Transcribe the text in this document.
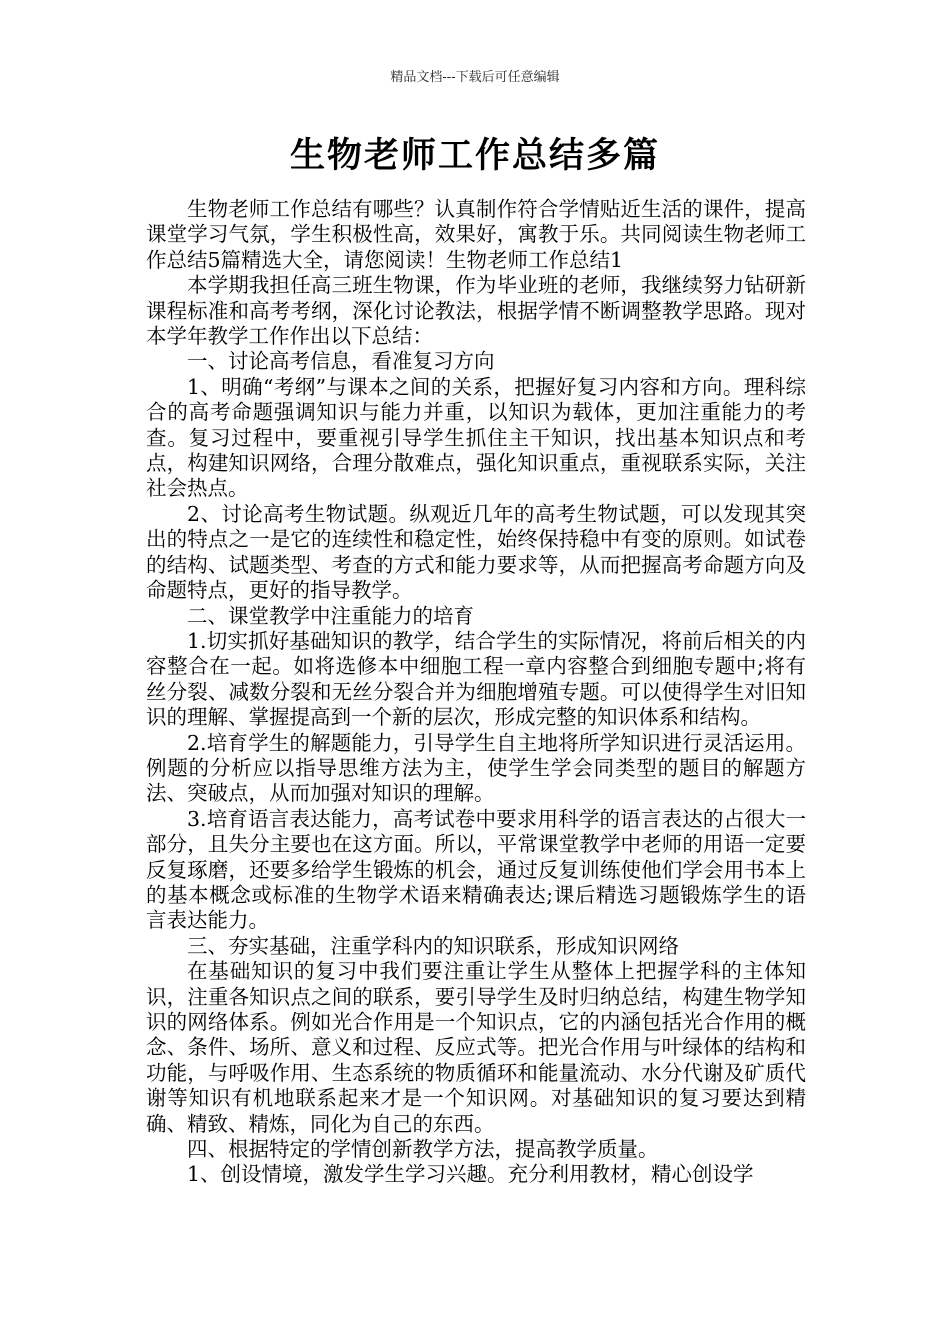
精品文档---下载后可任意编辑
生物老师工作总结多篇

生物老师工作总结有哪些？认真制作符合学情贴近生活的课件，提高课堂学习气氛，学生积极性高，效果好，寓教于乐。共同阅读生物老师工作总结5篇精选大全，请您阅读！生物老师工作总结1

本学期我担任高三班生物课，作为毕业班的老师，我继续努力钻研新课程标准和高考考纲，深化讨论教法，根据学情不断调整教学思路。现对本学年教学工作作出以下总结：

一、讨论高考信息，看准复习方向

1、明确“考纲”与课本之间的关系，把握好复习内容和方向。理科综合的高考命题强调知识与能力并重，以知识为载体，更加注重能力的考查。复习过程中，要重视引导学生抓住主干知识，找出基本知识点和考点，构建知识网络，合理分散难点，强化知识重点，重视联系实际，关注社会热点。

2、讨论高考生物试题。纵观近几年的高考生物试题，可以发现其突出的特点之一是它的连续性和稳定性，始终保持稳中有变的原则。如试卷的结构、试题类型、考查的方式和能力要求等，从而把握高考命题方向及命题特点，更好的指导教学。

二、课堂教学中注重能力的培育

1.切实抓好基础知识的教学，结合学生的实际情况，将前后相关的内容整合在一起。如将选修本中细胞工程一章内容整合到细胞专题中;将有丝分裂、减数分裂和无丝分裂合并为细胞增殖专题。可以使得学生对旧知识的理解、掌握提高到一个新的层次，形成完整的知识体系和结构。

2.培育学生的解题能力，引导学生自主地将所学知识进行灵活运用。例题的分析应以指导思维方法为主，使学生学会同类型的题目的解题方法、突破点，从而加强对知识的理解。

3.培育语言表达能力，高考试卷中要求用科学的语言表达的占很大一部分，且失分主要也在这方面。所以，平常课堂教学中老师的用语一定要反复琢磨，还要多给学生锻炼的机会，通过反复训练使他们学会用书本上的基本概念或标准的生物学术语来精确表达;课后精选习题锻炼学生的语言表达能力。

三、夯实基础，注重学科内的知识联系，形成知识网络

在基础知识的复习中我们要注重让学生从整体上把握学科的主体知识，注重各知识点之间的联系，要引导学生及时归纳总结，构建生物学知识的网络体系。例如光合作用是一个知识点，它的内涵包括光合作用的概念、条件、场所、意义和过程、反应式等。把光合作用与叶绿体的结构和功能，与呼吸作用、生态系统的物质循环和能量流动、水分代谢及矿质代谢等知识有机地联系起来才是一个知识网。对基础知识的复习要达到精确、精致、精炼，同化为自己的东西。

四、根据特定的学情创新教学方法，提高教学质量。

1、创设情境，激发学生学习兴趣。充分利用教材，精心创设学
